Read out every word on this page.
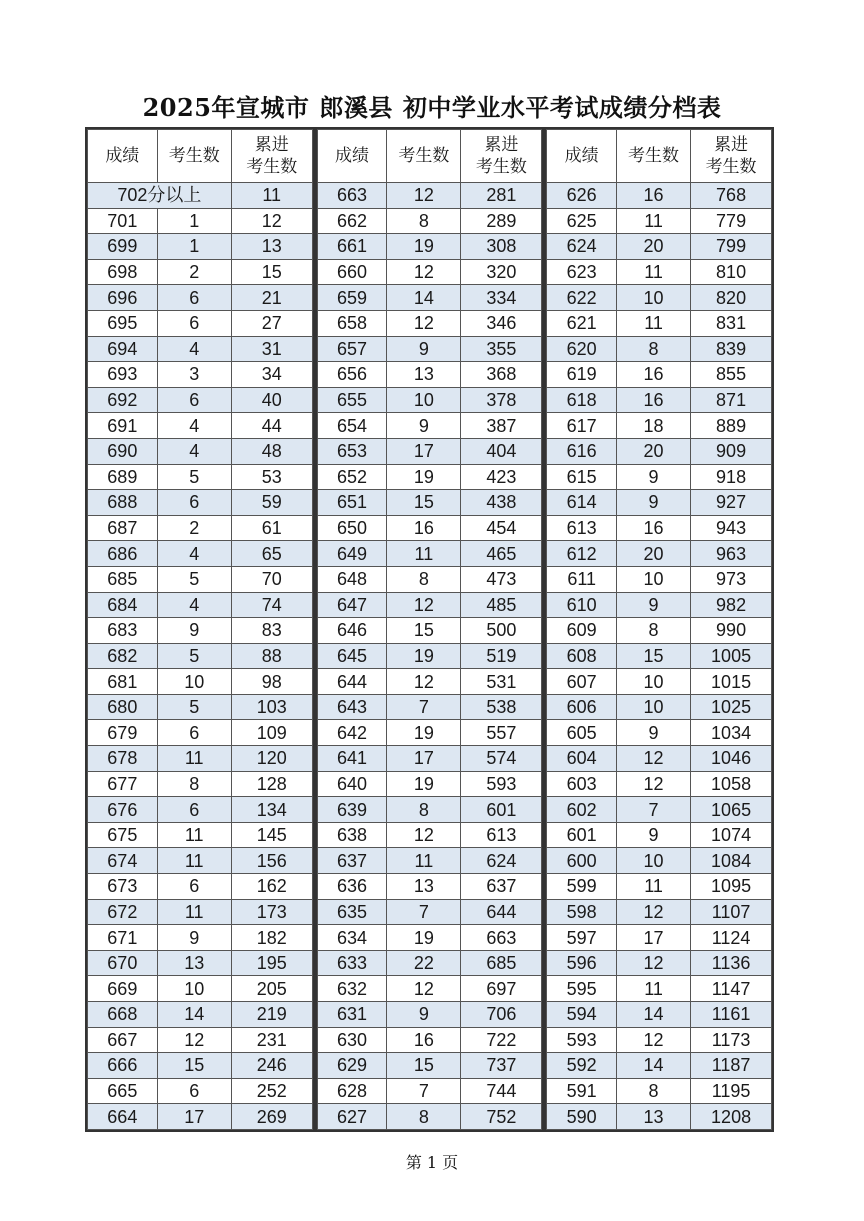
2025年宣城市 郎溪县 初中学业水平考试成绩分档表
成绩	考生数	累进
考生数
702分以上		11
701	1	12
699	1	13
698	2	15
696	6	21
695	6	27
694	4	31
693	3	34
692	6	40
691	4	44
690	4	48
689	5	53
688	6	59
687	2	61
686	4	65
685	5	70
684	4	74
683	9	83
682	5	88
681	10	98
680	5	103
679	6	109
678	11	120
677	8	128
676	6	134
675	11	145
674	11	156
673	6	162
672	11	173
671	9	182
670	13	195
669	10	205
668	14	219
667	12	231
666	15	246
665	6	252
664	17	269
成绩	考生数	累进
考生数
663	12	281
662	8	289
661	19	308
660	12	320
659	14	334
658	12	346
657	9	355
656	13	368
655	10	378
654	9	387
653	17	404
652	19	423
651	15	438
650	16	454
649	11	465
648	8	473
647	12	485
646	15	500
645	19	519
644	12	531
643	7	538
642	19	557
641	17	574
640	19	593
639	8	601
638	12	613
637	11	624
636	13	637
635	7	644
634	19	663
633	22	685
632	12	697
631	9	706
630	16	722
629	15	737
628	7	744
627	8	752
成绩	考生数	累进
考生数
626	16	768
625	11	779
624	20	799
623	11	810
622	10	820
621	11	831
620	8	839
619	16	855
618	16	871
617	18	889
616	20	909
615	9	918
614	9	927
613	16	943
612	20	963
611	10	973
610	9	982
609	8	990
608	15	1005
607	10	1015
606	10	1025
605	9	1034
604	12	1046
603	12	1058
602	7	1065
601	9	1074
600	10	1084
599	11	1095
598	12	1107
597	17	1124
596	12	1136
595	11	1147
594	14	1161
593	12	1173
592	14	1187
591	8	1195
590	13	1208
第 1 页
